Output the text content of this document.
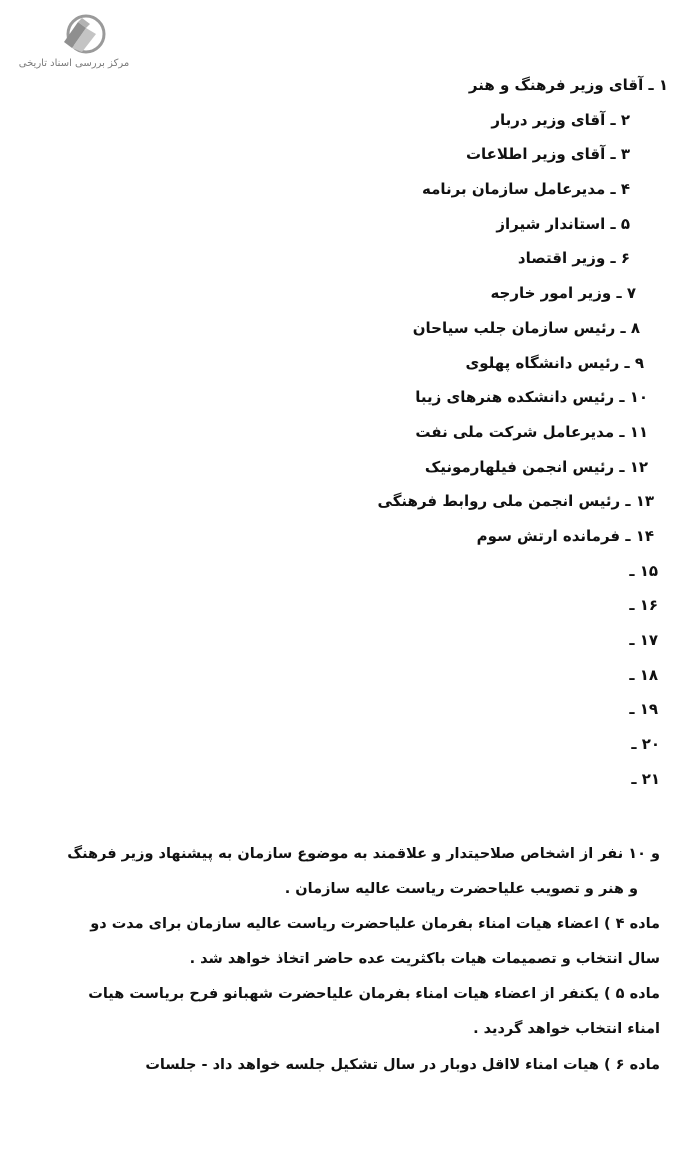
مرکز بررسی اسناد تاریخی
۱ ـ آقای وزیر فرهنگ و هنر
۲ ـ آقای وزیر دربار
۳ ـ آقای وزیر اطلاعات
۴ ـ مدیرعامل سازمان برنامه
۵ ـ استاندار شیراز
۶ ـ وزیر اقتصاد
۷ ـ وزیر امور خارجه
۸ ـ رئیس سازمان جلب سیاحان
۹ ـ رئیس دانشگاه پهلوی
۱۰ ـ رئیس دانشکده هنرهای زیبا
۱۱ ـ مدیرعامل شرکت ملی نفت
۱۲ ـ رئیس انجمن فیلهارمونیک
۱۳ ـ رئیس انجمن ملی روابط فرهنگی
۱۴ ـ فرمانده ارتش سوم
۱۵ ـ
۱۶ ـ
۱۷ ـ
۱۸ ـ
۱۹ ـ
۲۰ ـ
۲۱ ـ
و ۱۰ نفر از اشخاص صلاحیتدار و علاقمند به موضوع سازمان به پیشنهاد وزیر فرهنگ
و هنر و تصویب علیاحضرت ریاست عالیه سازمان .
ماده ۴ ) اعضاء هیات امناء بفرمان علیاحضرت ریاست عالیه سازمان برای مدت دو
سال انتخاب و تصمیمات هیات باکثریت عده حاضر اتخاذ خواهد شد .
ماده ۵ ) یکنفر از اعضاء هیات امناء بفرمان علیاحضرت شهبانو فرح بریاست هیات
امناء انتخاب خواهد گردید .
ماده ۶ ) هیات امناء لااقل دوبار در سال تشکیل جلسه خواهد داد - جلسات
